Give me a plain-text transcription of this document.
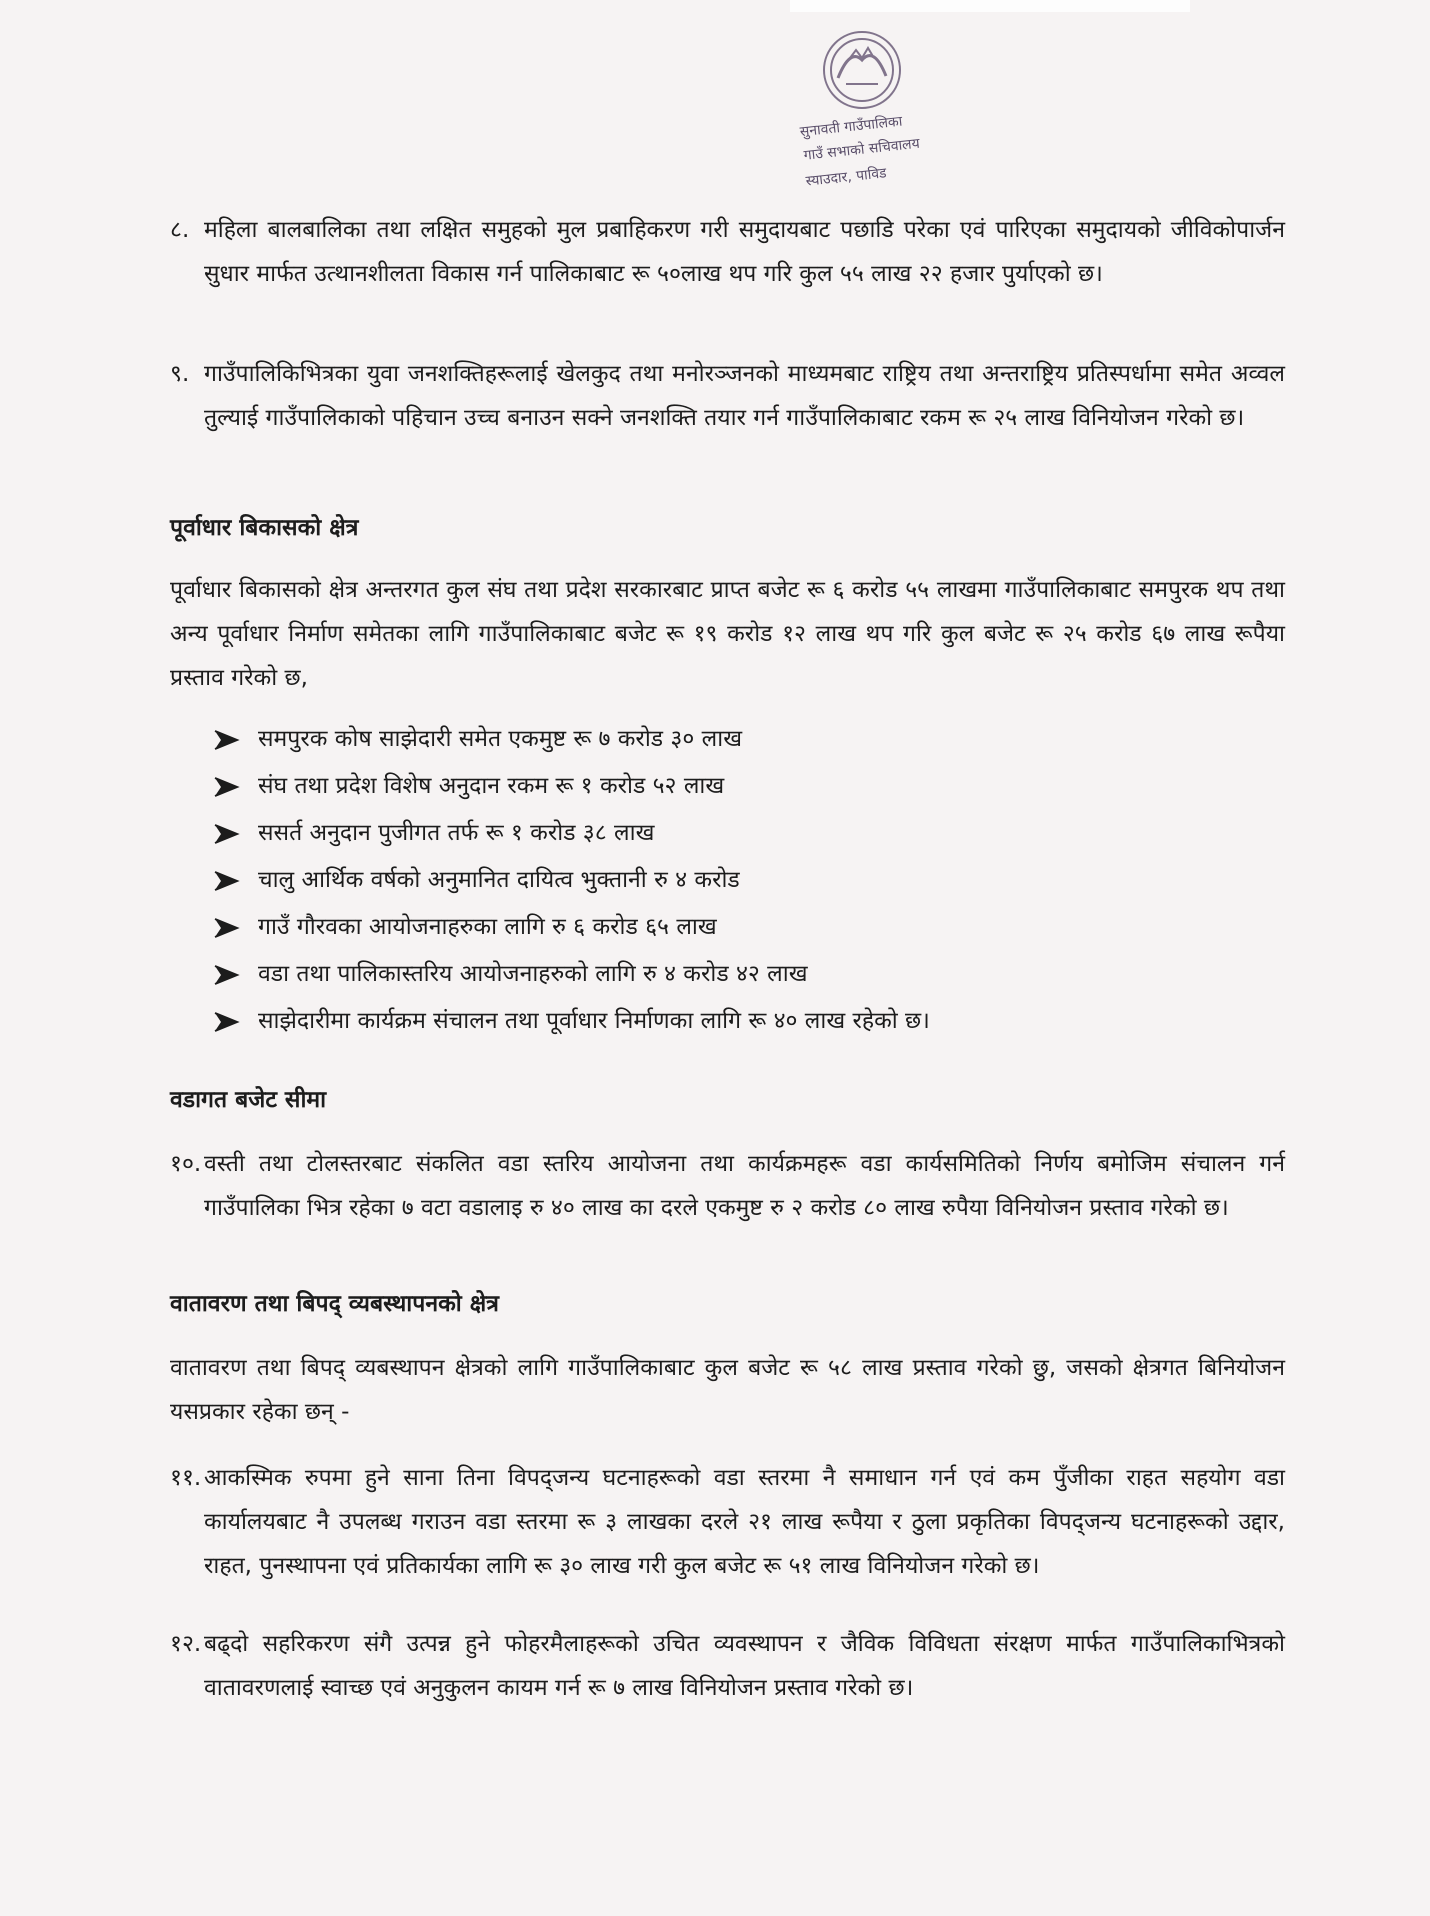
सुनावती गाउँपालिका
गाउँ सभाको सचिवालय
स्याउदार, पाविड
८. महिला बालबालिका तथा लक्षित समुहको मुल प्रबाहिकरण गरी समुदायबाट पछाडि परेका एवं पारिएका समुदायको जीविकोपार्जन सुधार मार्फत उत्थानशीलता विकास गर्न पालिकाबाट रू ५०लाख थप गरि कुल ५५ लाख २२ हजार पुर्याएको छ।
९. गाउँपालिकिभित्रका युवा जनशक्तिहरूलाई खेलकुद तथा मनोरञ्जनको माध्यमबाट राष्ट्रिय तथा अन्तराष्ट्रिय प्रतिस्पर्धामा समेत अव्वल तुल्याई गाउँपालिकाको पहिचान उच्च बनाउन सक्ने जनशक्ति तयार गर्न गाउँपालिकाबाट रकम रू २५ लाख विनियोजन गरेको छ।
पूर्वाधार बिकासको क्षेत्र

पूर्वाधार बिकासको क्षेत्र अन्तरगत कुल संघ तथा प्रदेश सरकारबाट प्राप्त बजेट रू ६ करोड ५५ लाखमा गाउँपालिकाबाट समपुरक थप तथा अन्य पूर्वाधार निर्माण समेतका लागि गाउँपालिकाबाट बजेट रू १९ करोड १२ लाख थप गरि कुल बजेट रू २५ करोड ६७ लाख रूपैया प्रस्ताव गरेको छ,

समपुरक कोष साझेदारी समेत एकमुष्ट रू ७ करोड ३० लाख
संघ तथा प्रदेश विशेष अनुदान रकम रू १ करोड ५२ लाख
ससर्त अनुदान पुजीगत तर्फ रू १ करोड ३८ लाख
चालु आर्थिक वर्षको अनुमानित दायित्व भुक्तानी रु ४ करोड
गाउँ गौरवका आयोजनाहरुका लागि रु ६ करोड ६५ लाख
वडा तथा पालिकास्तरिय आयोजनाहरुको लागि रु ४ करोड ४२ लाख
साझेदारीमा कार्यक्रम संचालन तथा पूर्वाधार निर्माणका लागि रू ४० लाख रहेको छ।
वडागत बजेट सीमा
१०. वस्ती तथा टोलस्तरबाट संकलित वडा स्तरिय आयोजना तथा कार्यक्रमहरू वडा कार्यसमितिको निर्णय बमोजिम संचालन गर्न गाउँपालिका भित्र रहेका ७ वटा वडालाइ रु ४० लाख का दरले एकमुष्ट रु २ करोड ८० लाख रुपैया विनियोजन प्रस्ताव गरेको छ।
वातावरण तथा बिपद् व्यबस्थापनको क्षेत्र

वातावरण तथा बिपद् व्यबस्थापन क्षेत्रको लागि गाउँपालिकाबाट कुल बजेट रू ५८ लाख प्रस्ताव गरेको छु, जसको क्षेत्रगत बिनियोजन यसप्रकार रहेका छन् -

११. आकस्मिक रुपमा हुने साना तिना विपद्जन्य घटनाहरूको वडा स्तरमा नै समाधान गर्न एवं कम पुँजीका राहत सहयोग वडा कार्यालयबाट नै उपलब्ध गराउन वडा स्तरमा रू ३ लाखका दरले २१ लाख रूपैया र ठुला प्रकृतिका विपद्जन्य घटनाहरूको उद्दार, राहत, पुनस्थापना एवं प्रतिकार्यका लागि रू ३० लाख गरी कुल बजेट रू ५१ लाख विनियोजन गरेको छ।
१२. बढ्दो सहरिकरण संगै उत्पन्न हुने फोहरमैलाहरूको उचित व्यवस्थापन र जैविक विविधता संरक्षण मार्फत गाउँपालिकाभित्रको वातावरणलाई स्वाच्छ एवं अनुकुलन कायम गर्न रू ७ लाख विनियोजन प्रस्ताव गरेको छ।
